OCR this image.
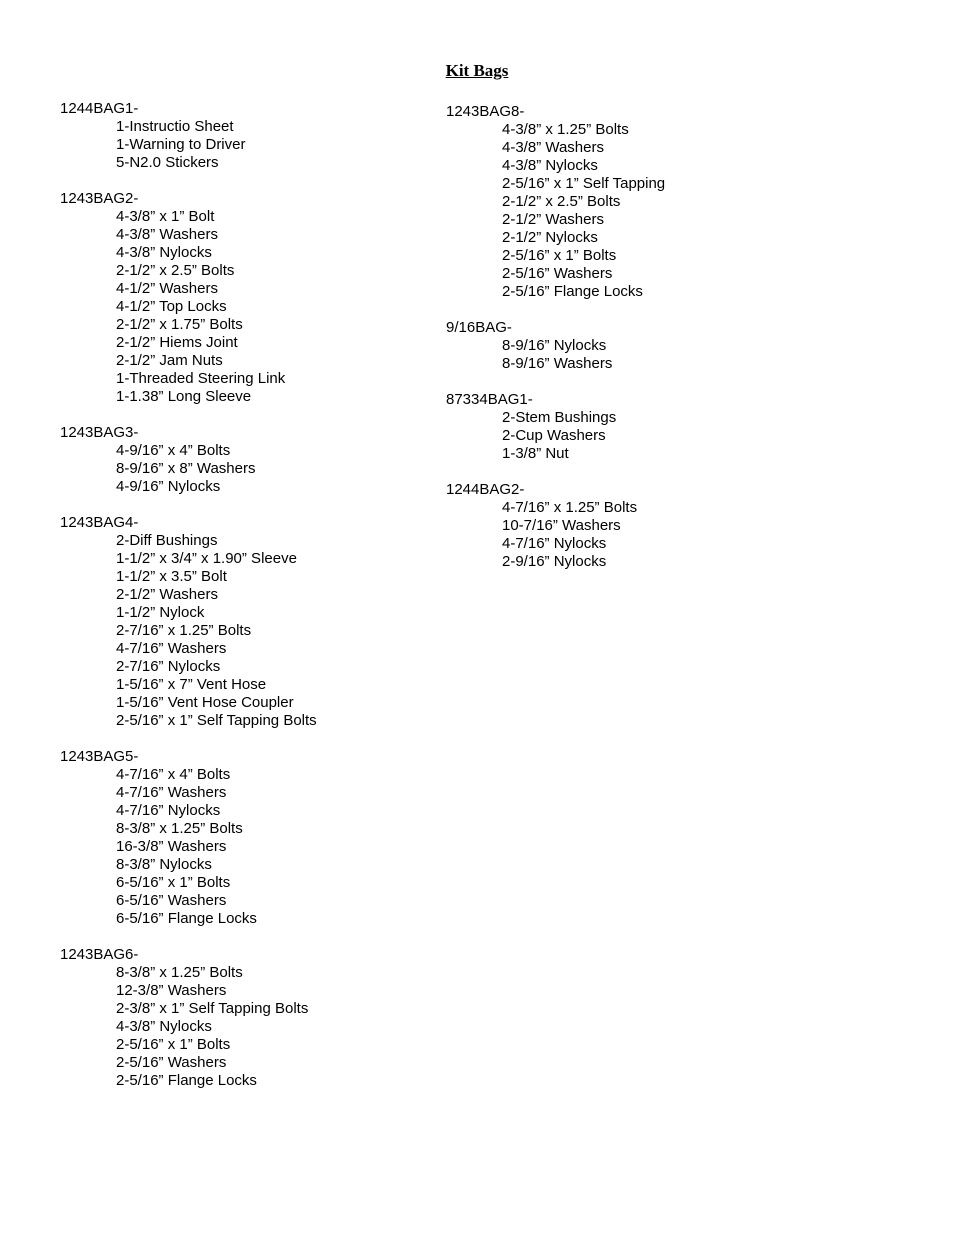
Kit Bags
1244BAG1-
1-Instructio Sheet
1-Warning to Driver
5-N2.0 Stickers
1243BAG2-
4-3/8” x 1” Bolt
4-3/8” Washers
4-3/8” Nylocks
2-1/2” x 2.5” Bolts
4-1/2” Washers
4-1/2” Top Locks
2-1/2” x 1.75” Bolts
2-1/2” Hiems Joint
2-1/2” Jam Nuts
1-Threaded Steering Link
1-1.38” Long Sleeve
1243BAG3-
4-9/16” x 4” Bolts
8-9/16” x 8” Washers
4-9/16” Nylocks
1243BAG4-
2-Diff Bushings
1-1/2” x 3/4” x 1.90” Sleeve
1-1/2” x 3.5” Bolt
2-1/2” Washers
1-1/2” Nylock
2-7/16” x 1.25” Bolts
4-7/16” Washers
2-7/16” Nylocks
1-5/16” x 7” Vent Hose
1-5/16” Vent Hose Coupler
2-5/16” x 1” Self Tapping Bolts
1243BAG5-
4-7/16” x 4” Bolts
4-7/16” Washers
4-7/16” Nylocks
8-3/8” x 1.25” Bolts
16-3/8” Washers
8-3/8” Nylocks
6-5/16” x 1” Bolts
6-5/16” Washers
6-5/16” Flange Locks
1243BAG6-
8-3/8” x 1.25” Bolts
12-3/8” Washers
2-3/8” x 1” Self Tapping Bolts
4-3/8” Nylocks
2-5/16” x 1” Bolts
2-5/16” Washers
2-5/16” Flange Locks
1243BAG8-
4-3/8” x 1.25” Bolts
4-3/8” Washers
4-3/8” Nylocks
2-5/16” x 1” Self Tapping
2-1/2” x 2.5” Bolts
2-1/2” Washers
2-1/2” Nylocks
2-5/16” x 1” Bolts
2-5/16” Washers
2-5/16” Flange Locks
9/16BAG-
8-9/16” Nylocks
8-9/16” Washers
87334BAG1-
2-Stem Bushings
2-Cup Washers
1-3/8” Nut
1244BAG2-
4-7/16” x 1.25” Bolts
10-7/16” Washers
4-7/16” Nylocks
2-9/16” Nylocks
